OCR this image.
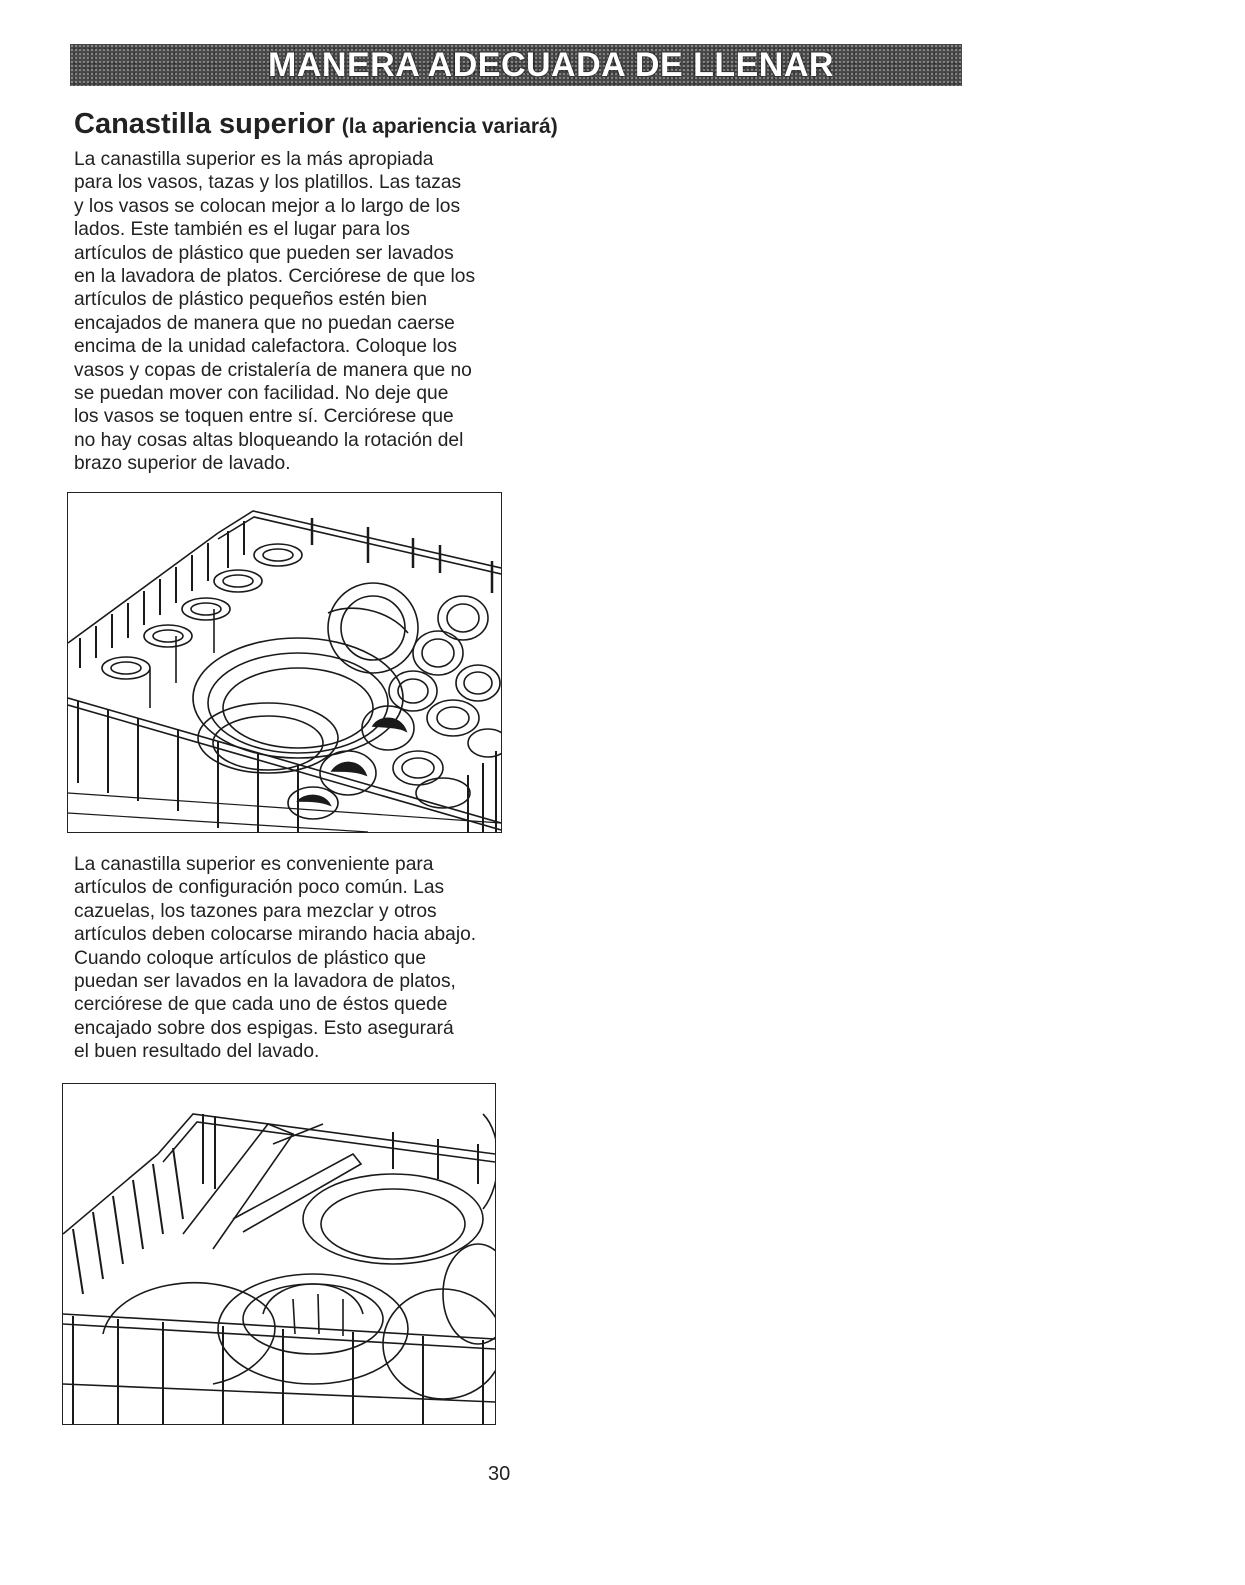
MANERA ADECUADA DE LLENAR
Canastilla superior (la apariencia variará)

La canastilla superior es la más apropiada
para los vasos, tazas y los platillos. Las tazas
y los vasos se colocan mejor a lo largo de los
lados. Este también es el lugar para los
artículos de plástico que pueden ser lavados
en la lavadora de platos. Cerciórese de que los
artículos de plástico pequeños estén bien
encajados de manera que no puedan caerse
encima de la unidad calefactora. Coloque los
vasos y copas de cristalería de manera que no
se puedan mover con facilidad. No deje que
los vasos se toquen entre sí. Cerciórese que
no hay cosas altas bloqueando la rotación del
brazo superior de lavado.

La canastilla superior es conveniente para
artículos de configuración poco común. Las
cazuelas, los tazones para mezclar y otros
artículos deben colocarse mirando hacia abajo.
Cuando coloque artículos de plástico que
puedan ser lavados en la lavadora de platos,
cerciórese de que cada uno de éstos quede
encajado sobre dos espigas. Esto asegurará
el buen resultado del lavado.

30
